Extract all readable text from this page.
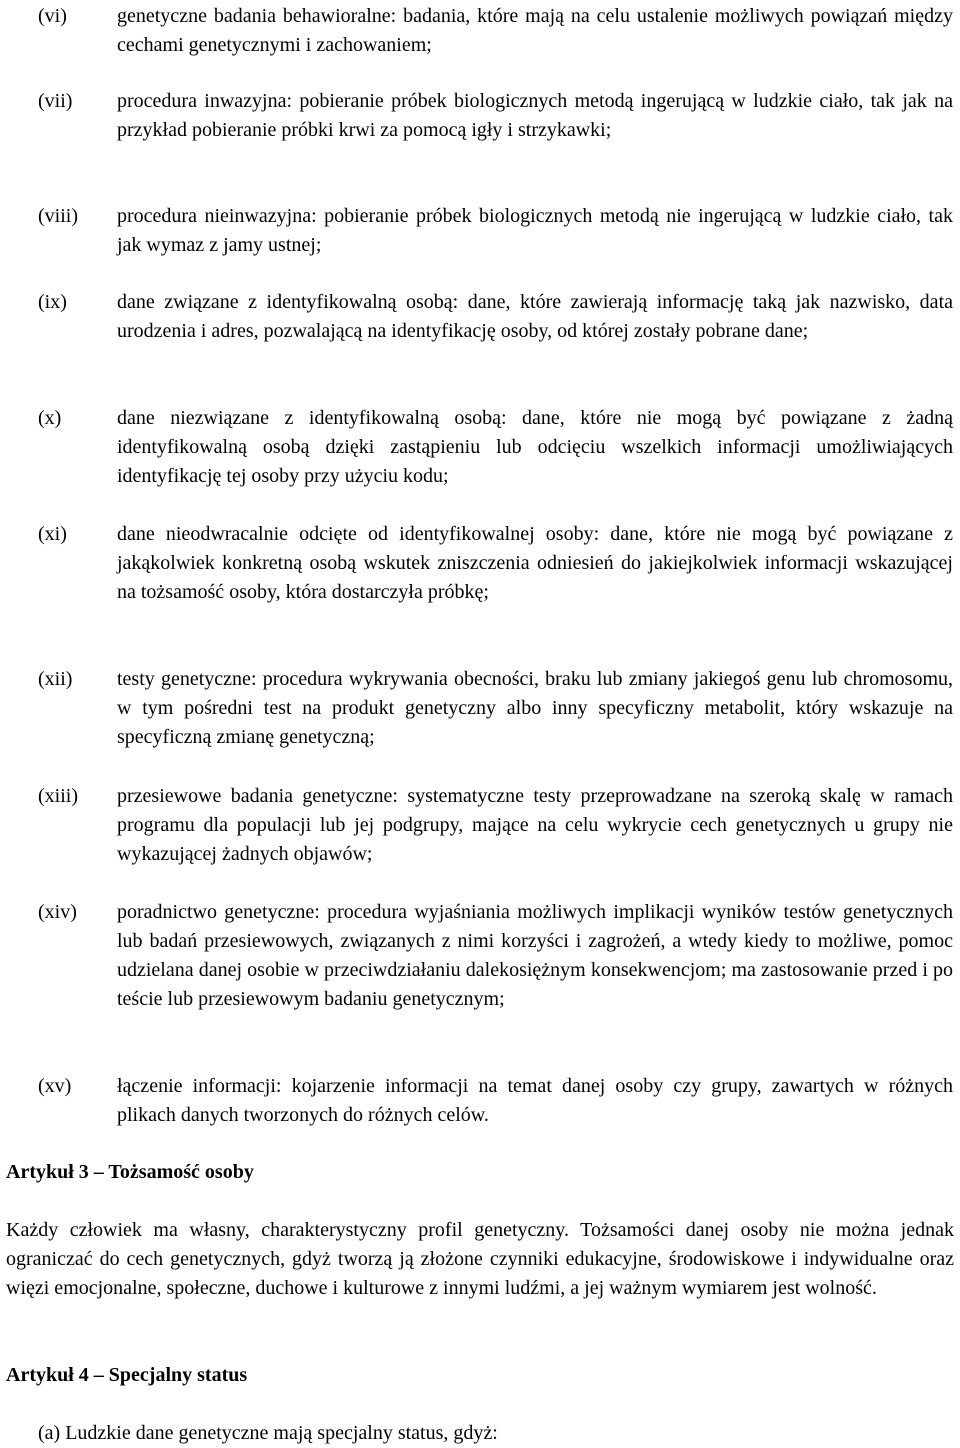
(vi)	genetyczne badania behawioralne: badania, które mają na celu ustalenie możliwych powiązań między cechami genetycznymi i zachowaniem;
(vii) procedura inwazyjna: pobieranie próbek biologicznych metodą ingerującą w ludzkie ciało, tak jak na przykład pobieranie próbki krwi za pomocą igły i strzykawki;
(viii) procedura nieinwazyjna: pobieranie próbek biologicznych metodą nie ingerującą w ludzkie ciało, tak jak wymaz z jamy ustnej;
(ix)	dane związane z identyfikowalną osobą: dane, które zawierają informację taką jak nazwisko, data urodzenia i adres, pozwalającą na identyfikację osoby, od której zostały pobrane dane;
(x)	dane niezwiązane z identyfikowalną osobą: dane, które nie mogą być powiązane z żadną identyfikowalną osobą dzięki zastąpieniu lub odcięciu wszelkich informacji umożliwiających identyfikację tej osoby przy użyciu kodu;
(xi)	dane nieodwracalnie odcięte od identyfikowalnej osoby: dane, które nie mogą być powiązane z jakąkolwiek konkretną osobą wskutek zniszczenia odniesień do jakiejkolwiek informacji wskazującej na tożsamość osoby, która dostarczyła próbkę;
(xii) testy genetyczne: procedura wykrywania obecności, braku lub zmiany jakiegoś genu lub chromosomu, w tym pośredni test na produkt genetyczny albo inny specyficzny metabolit, który wskazuje na specyficzną zmianę genetyczną;
(xiii) przesiewowe badania genetyczne: systematyczne testy przeprowadzane na szeroką skalę w ramach programu dla populacji lub jej podgrupy, mające na celu wykrycie cech genetycznych u grupy nie wykazującej żadnych objawów;
(xiv) poradnictwo genetyczne: procedura wyjaśniania możliwych implikacji wyników testów genetycznych lub badań przesiewowych, związanych z nimi korzyści i zagrożeń, a wtedy kiedy to możliwe, pomoc udzielana danej osobie w przeciwdziałaniu dalekosiężnym konsekwencjom; ma zastosowanie przed i po teście lub przesiewowym badaniu genetycznym;
(xv) łączenie informacji: kojarzenie informacji na temat danej osoby czy grupy, zawartych w różnych plikach danych tworzonych do różnych celów.
Artykuł 3 – Tożsamość osoby
Każdy człowiek ma własny, charakterystyczny profil genetyczny. Tożsamości danej osoby nie można jednak ograniczać do cech genetycznych, gdyż tworzą ją złożone czynniki edukacyjne, środowiskowe i indywidualne oraz więzi emocjonalne, społeczne, duchowe i kulturowe z innymi ludźmi, a jej ważnym wymiarem jest wolność.
Artykuł 4 – Specjalny status
(a) Ludzkie dane genetyczne mają specjalny status, gdyż:
